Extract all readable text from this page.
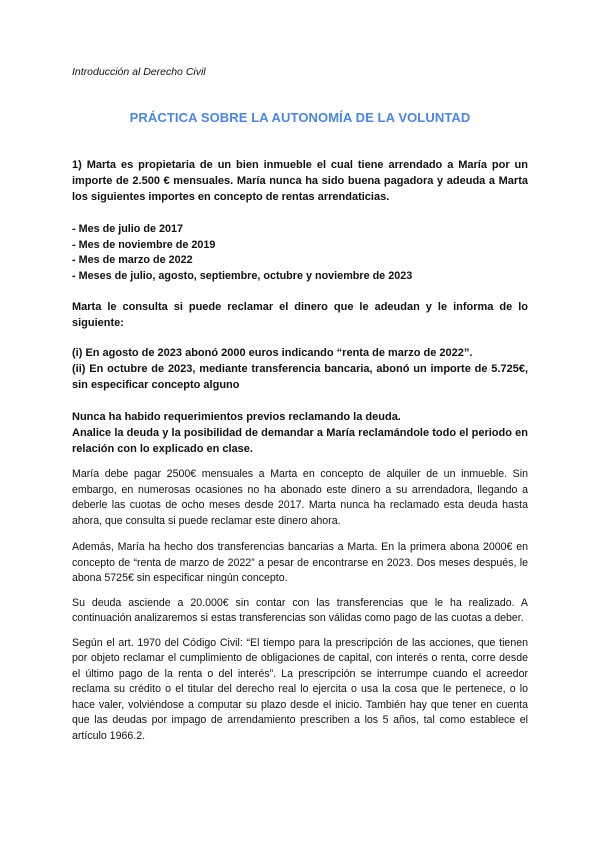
Introducción al Derecho Civil
PRÁCTICA SOBRE LA AUTONOMÍA DE LA VOLUNTAD

1) Marta es propietaria de un bien inmueble el cual tiene arrendado a María por un importe de 2.500 € mensuales. María nunca ha sido buena pagadora y adeuda a Marta los siguientes importes en concepto de rentas arrendaticias.

- Mes de julio de 2017
- Mes de noviembre de 2019
- Mes de marzo de 2022
- Meses de julio, agosto, septiembre, octubre y noviembre de 2023

Marta le consulta si puede reclamar el dinero que le adeudan y le informa de lo siguiente:

(i) En agosto de 2023 abonó 2000 euros indicando “renta de marzo de 2022”.

(ii) En octubre de 2023, mediante transferencia bancaria, abonó un importe de 5.725€, sin especificar concepto alguno

Nunca ha habido requerimientos previos reclamando la deuda.

Analice la deuda y la posibilidad de demandar a María reclamándole todo el periodo en relación con lo explicado en clase.

María debe pagar 2500€ mensuales a Marta en concepto de alquiler de un inmueble. Sin embargo, en numerosas ocasiones no ha abonado este dinero a su arrendadora, llegando a deberle las cuotas de ocho meses desde 2017. Marta nunca ha reclamado esta deuda hasta ahora, que consulta si puede reclamar este dinero ahora.

Además, María ha hecho dos transferencias bancarias a Marta. En la primera abona 2000€ en concepto de “renta de marzo de 2022” a pesar de encontrarse en 2023. Dos meses después, le abona 5725€ sin especificar ningún concepto.

Su deuda asciende a 20.000€ sin contar con las transferencias que le ha realizado. A continuación analizaremos si estas transferencias son válidas como pago de las cuotas a deber.

Según el art. 1970 del Código Civil: “El tiempo para la prescripción de las acciones, que tienen por objeto reclamar el cumplimiento de obligaciones de capital, con interés o renta, corre desde el último pago de la renta o del interés”. La prescripción se interrumpe cuando el acreedor reclama su crédito o el titular del derecho real lo ejercita o usa la cosa que le pertenece, o lo hace valer, volviéndose a computar su plazo desde el inicio. También hay que tener en cuenta que las deudas por impago de arrendamiento prescriben a los 5 años, tal como establece el artículo 1966.2.
